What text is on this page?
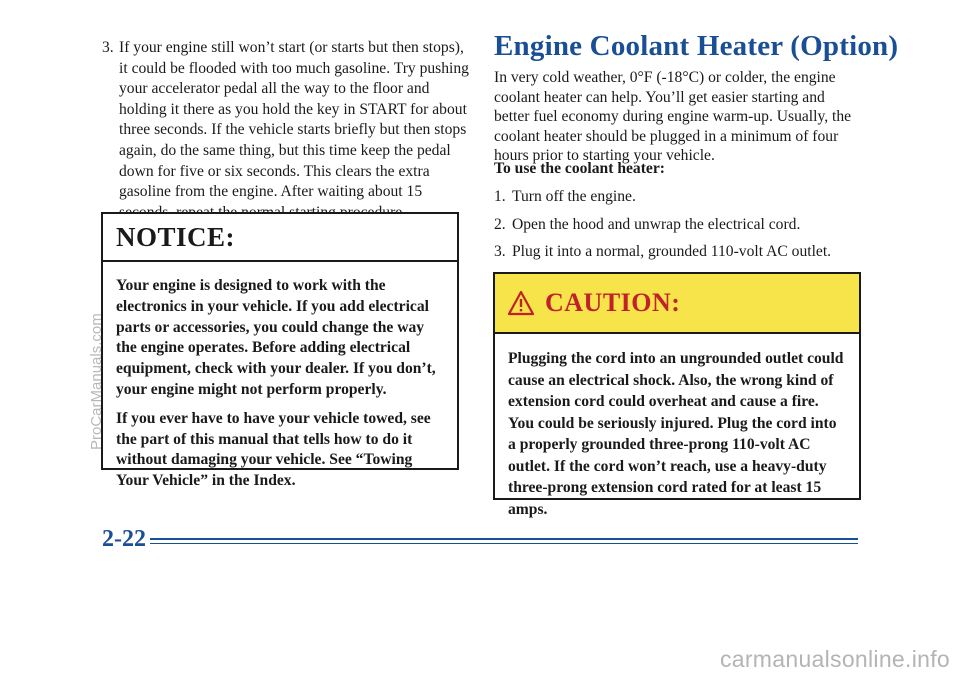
3. If your engine still won’t start (or starts but then stops), it could be flooded with too much gasoline. Try pushing your accelerator pedal all the way to the floor and holding it there as you hold the key in START for about three seconds. If the vehicle starts briefly but then stops again, do the same thing, but this time keep the pedal down for five or six seconds. This clears the extra gasoline from the engine. After waiting about 15
NOTICE:

Your engine is designed to work with the electronics in your vehicle. If you add electrical parts or accessories, you could change the way the engine operates. Before adding electrical equipment, check with your dealer. If you don’t, your engine might not perform properly.

If you ever have to have your vehicle towed, see the part of this manual that tells how to do it without damaging your vehicle. See “Towing Your Vehicle” in the Index.

Engine Coolant Heater (Option)
In very cold weather, 0°F (-18°C) or colder, the engine coolant heater can help. You’ll get easier starting and better fuel economy during engine warm-up. Usually, the coolant heater should be plugged in a minimum of four hours prior to starting your vehicle.
To use the coolant heater:
1. Turn off the engine.
2. Open the hood and unwrap the electrical cord.
3. Plug it into a normal, grounded 110-volt AC outlet.
CAUTION:

Plugging the cord into an ungrounded outlet could cause an electrical shock. Also, the wrong kind of extension cord could overheat and cause a fire. You could be seriously injured. Plug the cord into a properly grounded three-prong 110-volt AC outlet. If the cord won’t reach, use a heavy-duty three-prong extension cord rated for at least 15 amps.

2-22
ProCarManuals.com
carmanualsonline.info
